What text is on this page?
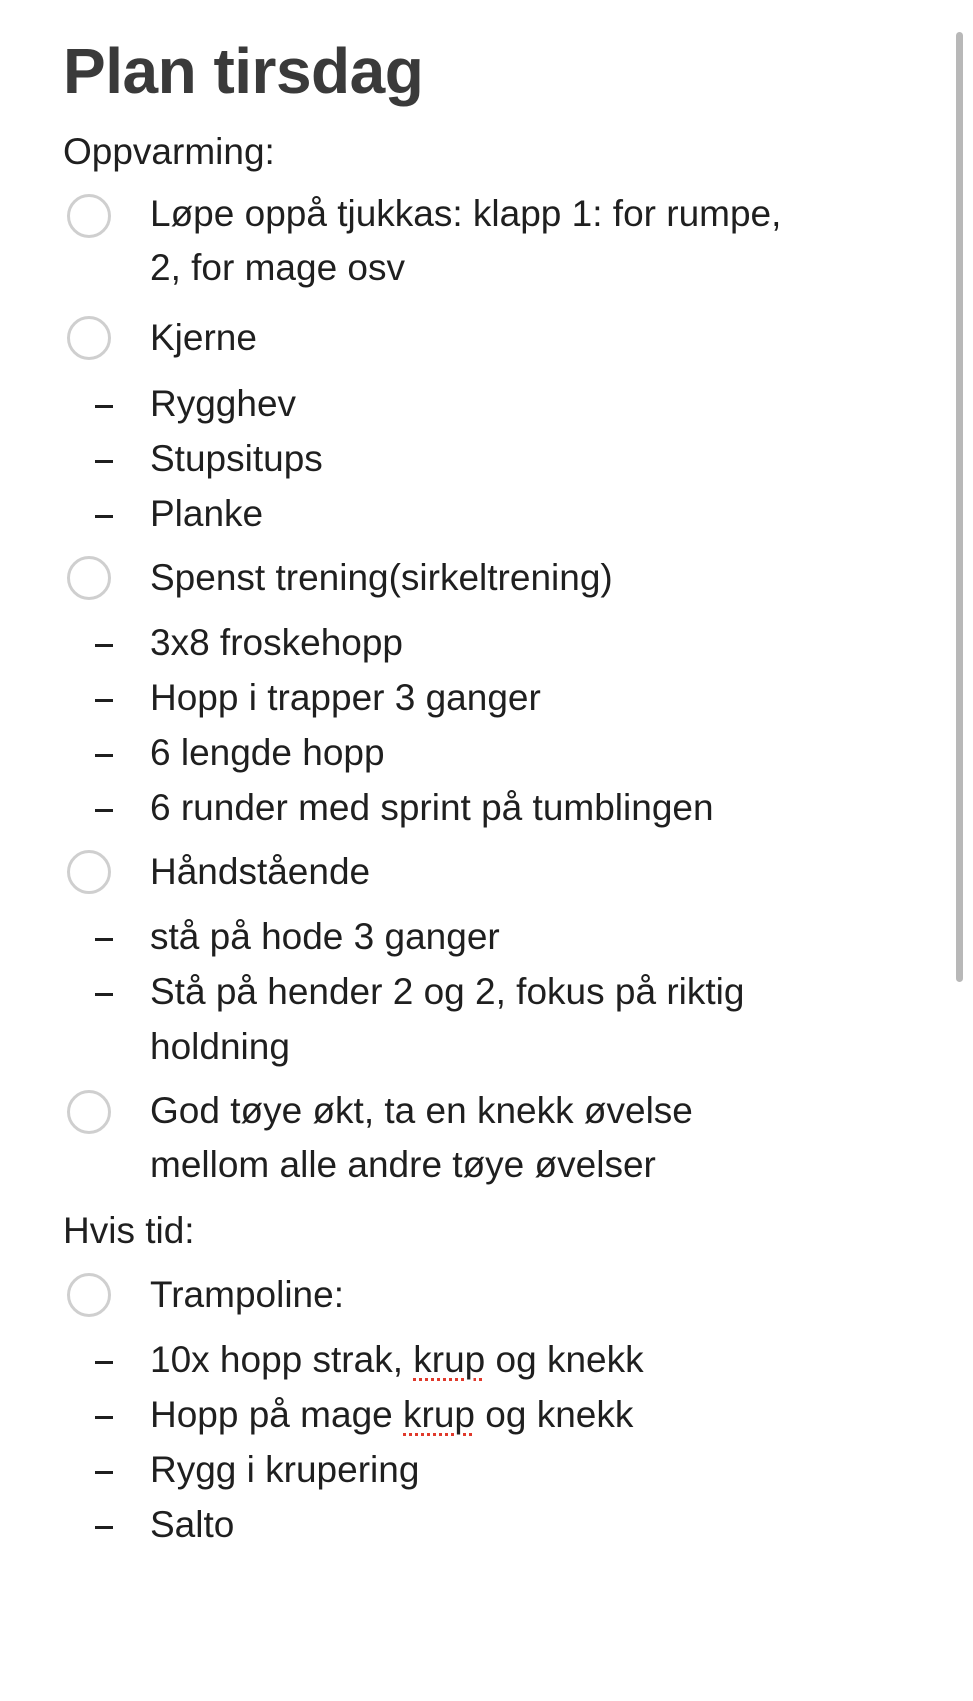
Plan tirsdag
Oppvarming:
Løpe oppå tjukkas: klapp 1: for rumpe,
2, for mage osv
Kjerne
Rygghev
Stupsitups
Planke
Spenst trening(sirkeltrening)
3x8 froskehopp
Hopp i trapper 3 ganger
6 lengde hopp
6 runder med sprint på tumblingen
Håndstående
stå på hode 3 ganger
Stå på hender 2 og 2, fokus på riktig
holdning
God tøye økt, ta en knekk øvelse
mellom alle andre tøye øvelser
Hvis tid:
Trampoline:
10x hopp strak, krup og knekk
Hopp på mage krup og knekk
Rygg i krupering
Salto
